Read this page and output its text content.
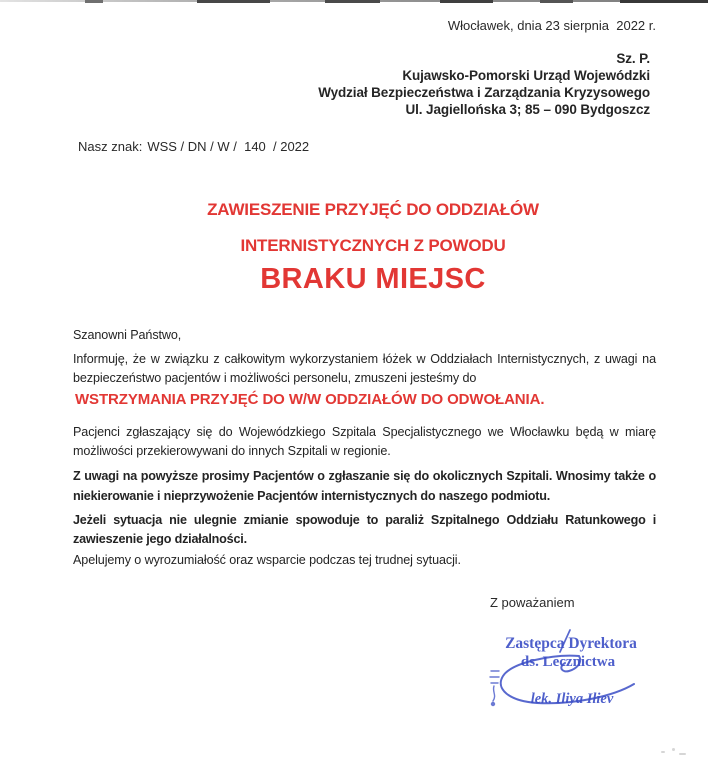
Włocławek, dnia 23 sierpnia  2022 r.
Sz. P.
Kujawsko-Pomorski Urząd Wojewódzki
Wydział Bezpieczeństwa i Zarządzania Kryzysowego
Ul. Jagiellońska 3; 85 – 090 Bydgoszcz
Nasz znak: WSS / DN / W /  140  / 2022
ZAWIESZENIE PRZYJĘĆ DO ODDZIAŁÓW
INTERNISTYCZNYCH Z POWODU
BRAKU MIEJSC
Szanowni Państwo,
Informuję, że w związku z całkowitym wykorzystaniem łóżek w Oddziałach Internistycznych, z uwagi na bezpieczeństwo pacjentów i możliwości personelu, zmuszeni jesteśmy do
WSTRZYMANIA PRZYJĘĆ DO W/W ODDZIAŁÓW DO ODWOŁANIA.
Pacjenci zgłaszający się do Wojewódzkiego Szpitala Specjalistycznego we Włocławku będą w miarę możliwości przekierowywani do innych Szpitali w regionie.
Z uwagi na powyższe prosimy Pacjentów o zgłaszanie się do okolicznych Szpitali. Wnosimy także o niekierowanie i nieprzywożenie Pacjentów internistycznych do naszego podmiotu.
Jeżeli sytuacja nie ulegnie zmianie spowoduje to paraliż Szpitalnego Oddziału Ratunkowego i zawieszenie jego działalności.
Apelujemy o wyrozumiałość oraz wsparcie podczas tej trudnej sytuacji.
Z poważaniem
Zastępca Dyrektora
ds. Lecznictwa
lek. Iliya Iliev
